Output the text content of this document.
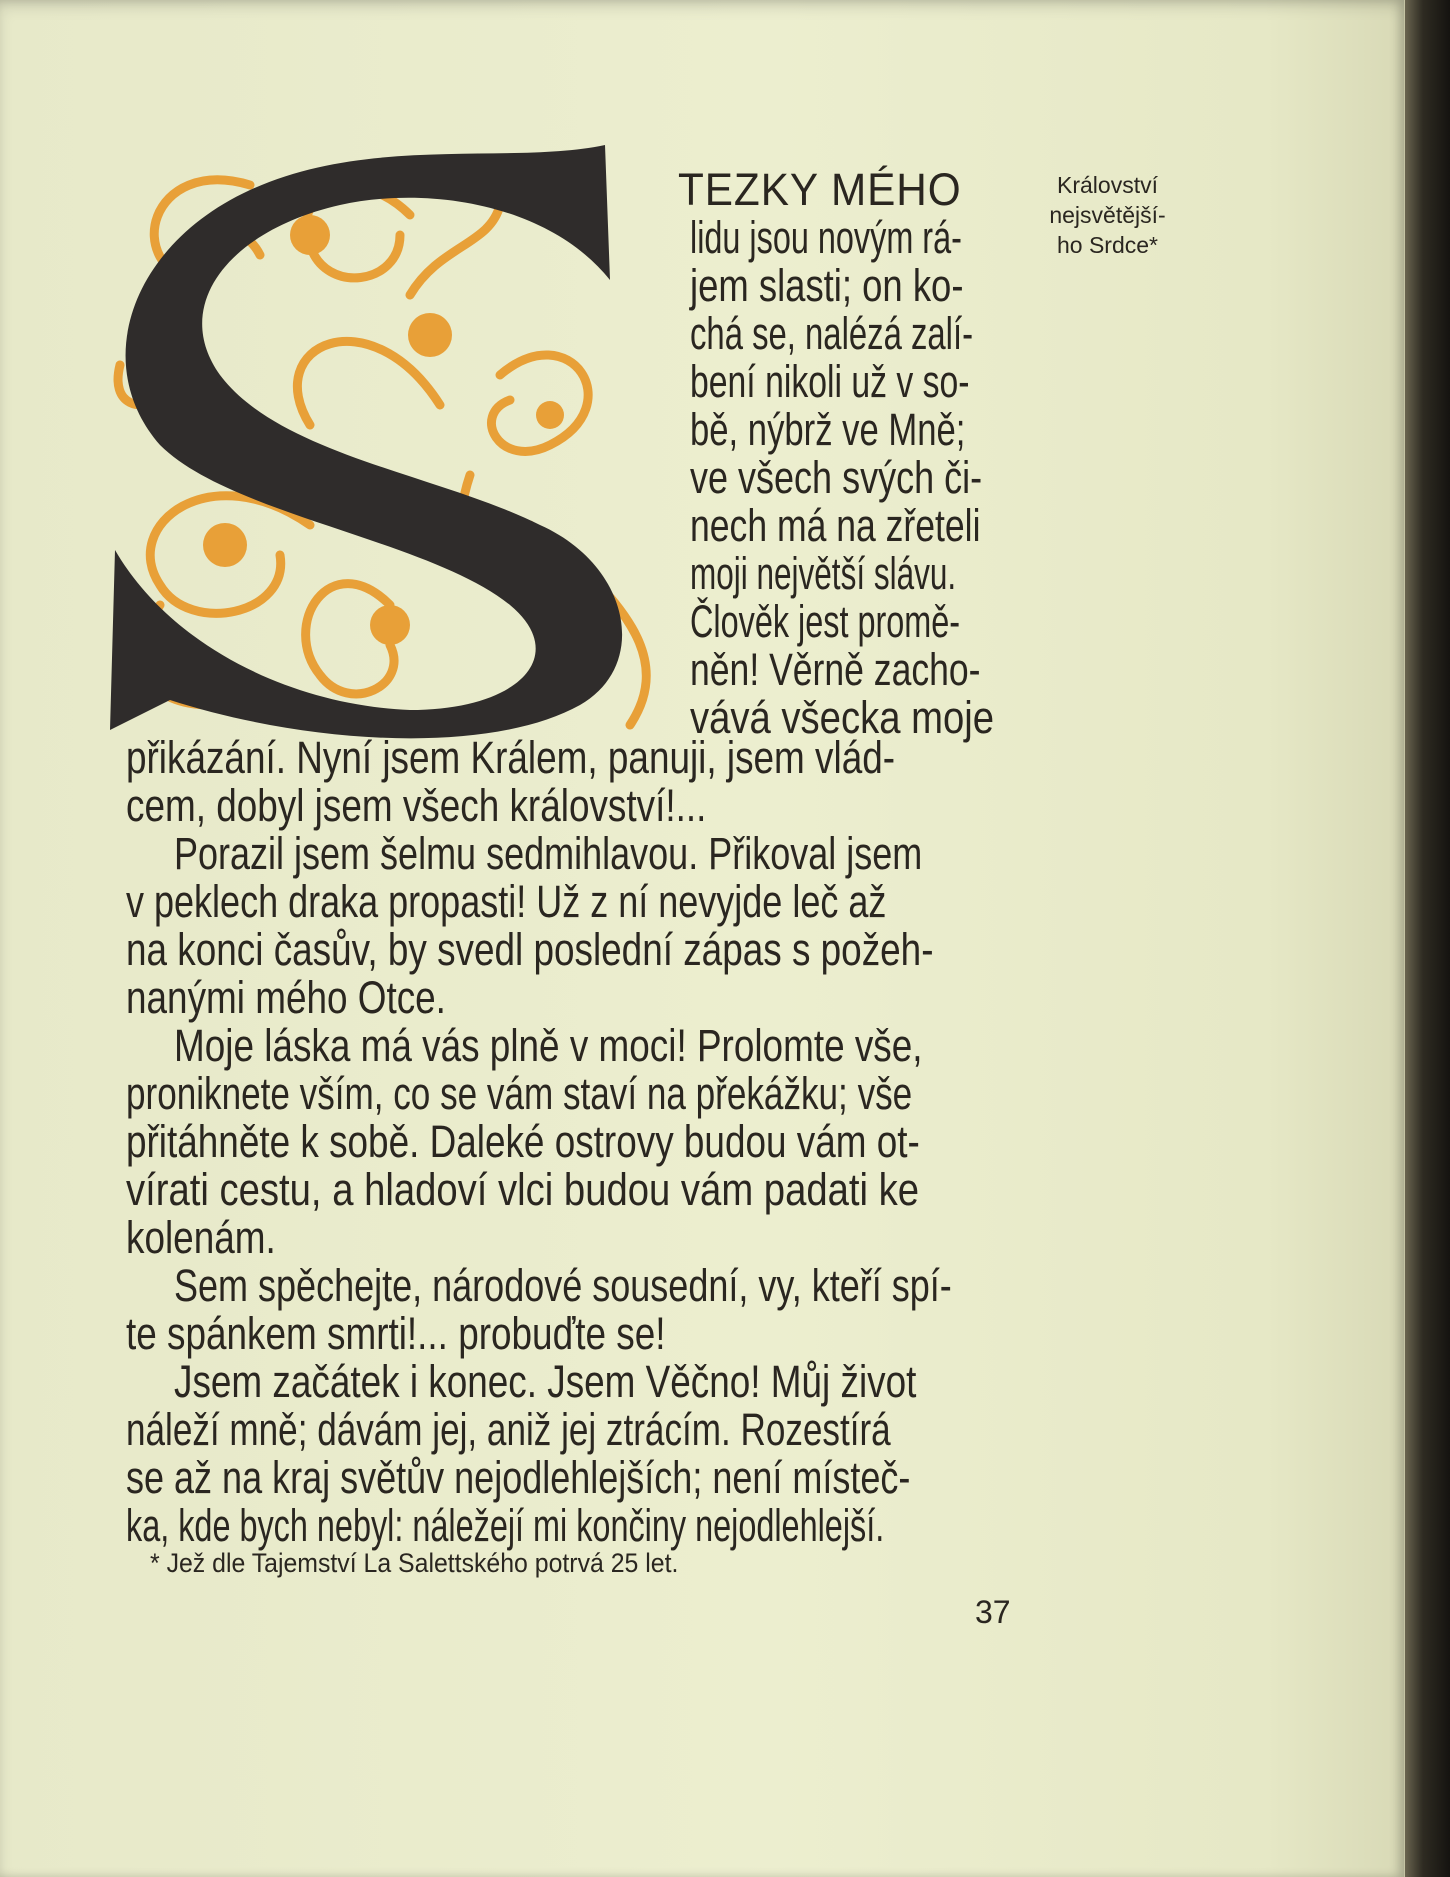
TEZKY MÉHO
lidu jsou novým rá-
jem slasti; on ko-
chá se, nalézá zalí-
bení nikoli už v so-
bě, nýbrž ve Mně;
ve všech svých či-
nech má na zřeteli
moji největší slávu.
Člověk jest promě-
něn! Věrně zacho-
vává všecka moje
přikázání. Nyní jsem Králem, panuji, jsem vlád-
cem, dobyl jsem všech království!...
Porazil jsem šelmu sedmihlavou. Přikoval jsem
v peklech draka propasti! Už z ní nevyjde leč až
na konci časův, by svedl poslední zápas s požeh-
nanými mého Otce.
Moje láska má vás plně v moci! Prolomte vše,
proniknete vším, co se vám staví na překážku; vše
přitáhněte k sobě. Daleké ostrovy budou vám ot-
vírati cestu, a hladoví vlci budou vám padati ke
kolenám.
Sem spěchejte, národové sousední, vy, kteří spí-
te spánkem smrti!... probuďte se!
Jsem začátek i konec. Jsem Věčno! Můj život
náleží mně; dávám jej, aniž jej ztrácím. Rozestírá
se až na kraj světův nejodlehlejších; není místeč-
ka, kde bych nebyl: náležejí mi končiny nejodlehlejší.
Království
nejsvětější-
ho Srdce*
* Jež dle Tajemství La Salettského potrvá 25 let.
37
